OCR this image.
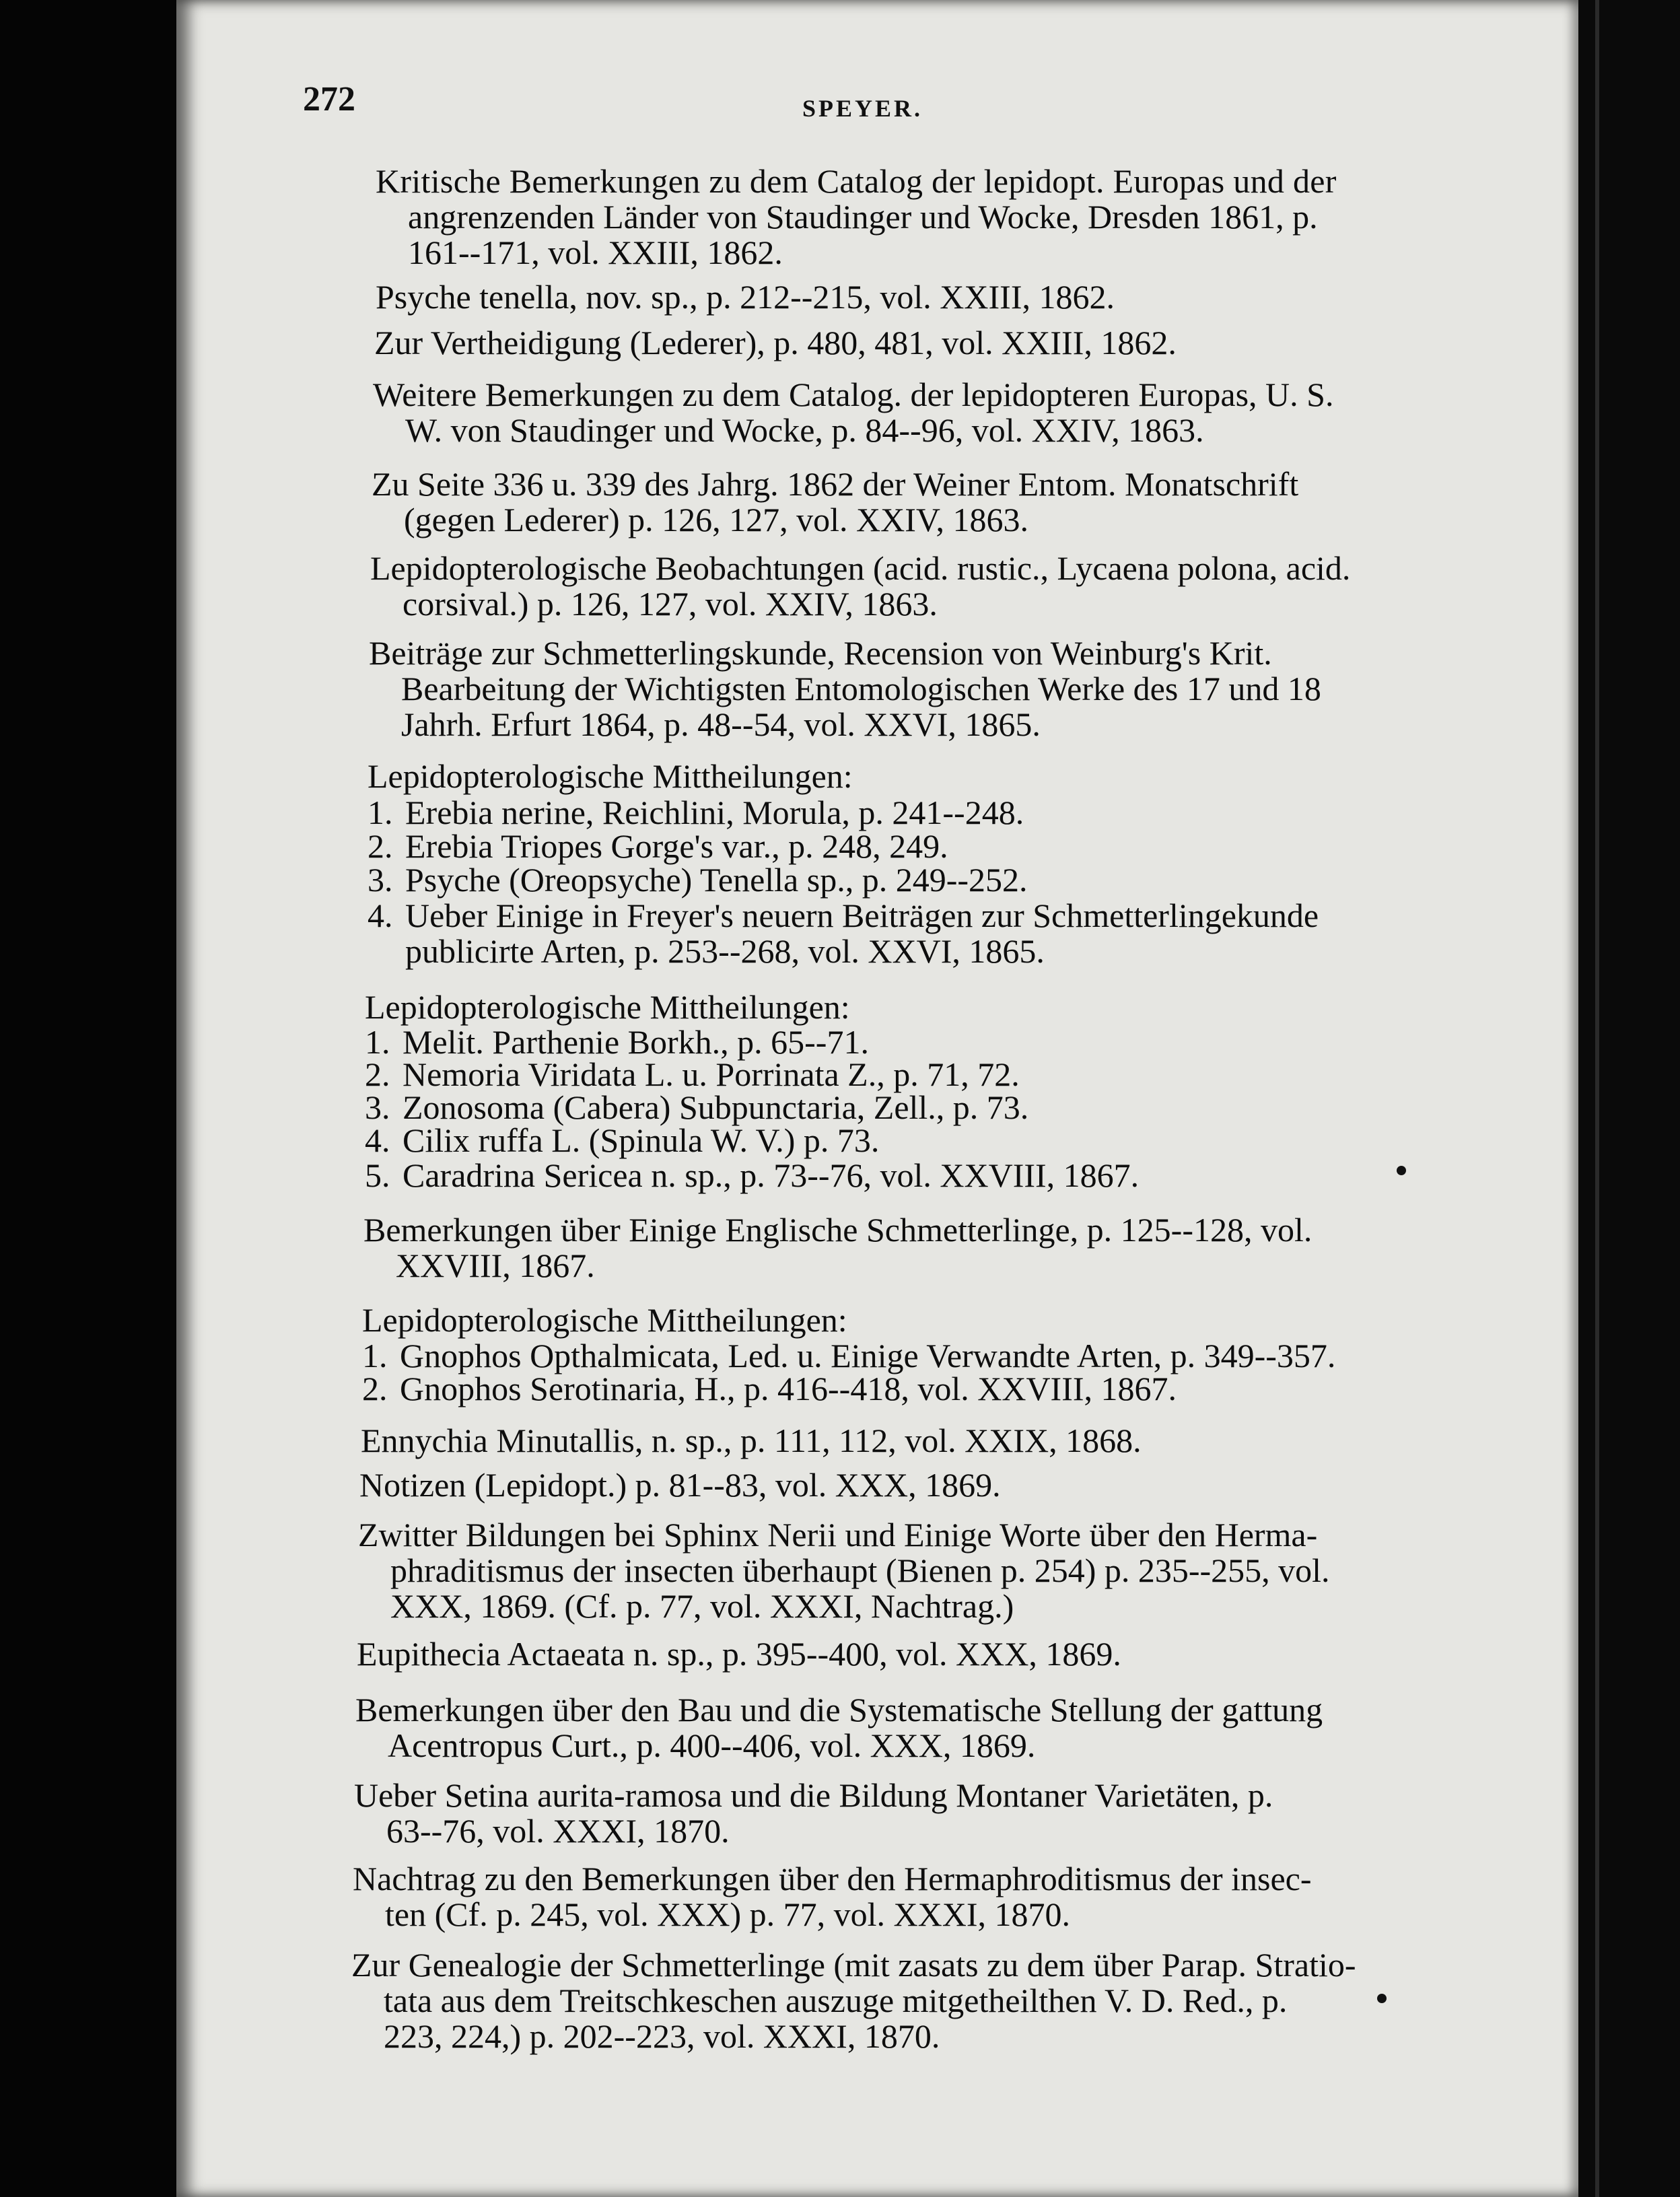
272	SPEYER.
Kritische Bemerkungen zu dem Catalog der lepidopt. Europas und der
angrenzenden Länder von Staudinger und Wocke, Dresden 1861, p.
161--171, vol. XXIII, 1862.
Psyche tenella, nov. sp., p. 212--215, vol. XXIII, 1862.
Zur Vertheidigung (Lederer), p. 480, 481, vol. XXIII, 1862.
Weitere Bemerkungen zu dem Catalog. der lepidopteren Europas, U. S.
W. von Staudinger und Wocke, p. 84--96, vol. XXIV, 1863.
Zu Seite 336 u. 339 des Jahrg. 1862 der Weiner Entom. Monatschrift
(gegen Lederer) p. 126, 127, vol. XXIV, 1863.
Lepidopterologische Beobachtungen (acid. rustic., Lycaena polona, acid.
corsival.) p. 126, 127, vol. XXIV, 1863.
Beiträge zur Schmetterlingskunde, Recension von Weinburg's Krit.
Bearbeitung der Wichtigsten Entomologischen Werke des 17 und 18
Jahrh. Erfurt 1864, p. 48--54, vol. XXVI, 1865.
Lepidopterologische Mittheilungen:
1. Erebia nerine, Reichlini, Morula, p. 241--248.
2. Erebia Triopes Gorge's var., p. 248, 249.
3. Psyche (Oreopsyche) Tenella sp., p. 249--252.
4. Ueber Einige in Freyer's neuern Beiträgen zur Schmetterlingekunde
publicirte Arten, p. 253--268, vol. XXVI, 1865.
Lepidopterologische Mittheilungen:
1. Melit. Parthenie Borkh., p. 65--71.
2. Nemoria Viridata L. u. Porrinata Z., p. 71, 72.
3. Zonosoma (Cabera) Subpunctaria, Zell., p. 73.
4. Cilix ruffa L. (Spinula W. V.) p. 73.
5. Caradrina Sericea n. sp., p. 73--76, vol. XXVIII, 1867.
Bemerkungen über Einige Englische Schmetterlinge, p. 125--128, vol.
XXVIII, 1867.
Lepidopterologische Mittheilungen:
1. Gnophos Opthalmicata, Led. u. Einige Verwandte Arten, p. 349--357.
2. Gnophos Serotinaria, H., p. 416--418, vol. XXVIII, 1867.
Ennychia Minutallis, n. sp., p. 111, 112, vol. XXIX, 1868.
Notizen (Lepidopt.) p. 81--83, vol. XXX, 1869.
Zwitter Bildungen bei Sphinx Nerii und Einige Worte über den Herma-
phraditismus der insecten überhaupt (Bienen p. 254) p. 235--255, vol.
XXX, 1869. (Cf. p. 77, vol. XXXI, Nachtrag.)
Eupithecia Actaeata n. sp., p. 395--400, vol. XXX, 1869.
Bemerkungen über den Bau und die Systematische Stellung der gattung
Acentropus Curt., p. 400--406, vol. XXX, 1869.
Ueber Setina aurita-ramosa und die Bildung Montaner Varietäten, p.
63--76, vol. XXXI, 1870.
Nachtrag zu den Bemerkungen über den Hermaphroditismus der insec-
ten (Cf. p. 245, vol. XXX) p. 77, vol. XXXI, 1870.
Zur Genealogie der Schmetterlinge (mit zasats zu dem über Parap. Stratio-
tata aus dem Treitschkeschen auszuge mitgetheilthen V. D. Red., p.
223, 224,) p. 202--223, vol. XXXI, 1870.
